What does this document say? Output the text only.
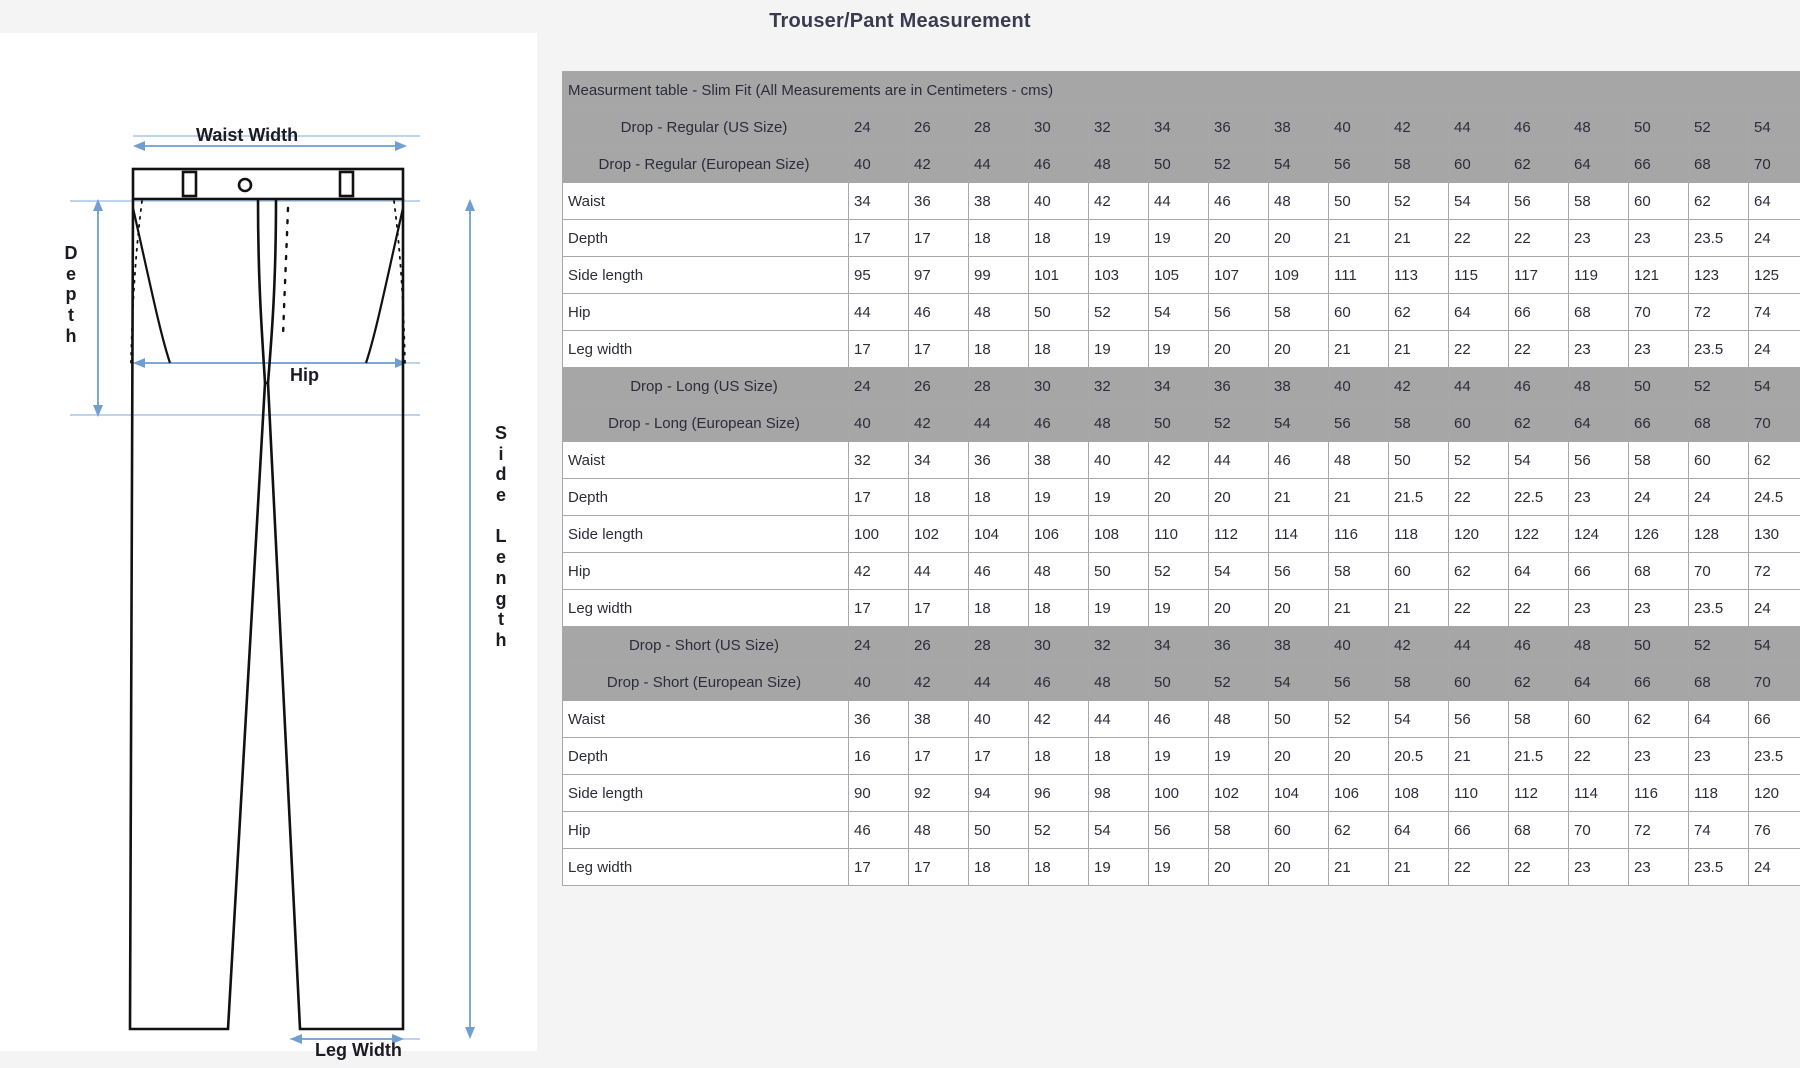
Trouser/Pant Measurement
Waist Width
D
e
p
t
h
Hip
S
i
d
e

L
e
n
g
t
h
Measurment table - Slim Fit (All Measurements are in Centimeters - cms)																
Drop - Regular (US Size)	24	26	28	30	32	34	36	38	40	42	44	46	48	50	52	54
Drop - Regular (European Size)	40	42	44	46	48	50	52	54	56	58	60	62	64	66	68	70
Waist	34	36	38	40	42	44	46	48	50	52	54	56	58	60	62	64
Depth	17	17	18	18	19	19	20	20	21	21	22	22	23	23	23.5	24
Side length	95	97	99	101	103	105	107	109	111	113	115	117	119	121	123	125
Hip	44	46	48	50	52	54	56	58	60	62	64	66	68	70	72	74
Leg width	17	17	18	18	19	19	20	20	21	21	22	22	23	23	23.5	24
Drop - Long (US Size)	24	26	28	30	32	34	36	38	40	42	44	46	48	50	52	54
Drop - Long (European Size)	40	42	44	46	48	50	52	54	56	58	60	62	64	66	68	70
Waist	32	34	36	38	40	42	44	46	48	50	52	54	56	58	60	62
Depth	17	18	18	19	19	20	20	21	21	21.5	22	22.5	23	24	24	24.5
Side length	100	102	104	106	108	110	112	114	116	118	120	122	124	126	128	130
Hip	42	44	46	48	50	52	54	56	58	60	62	64	66	68	70	72
Leg width	17	17	18	18	19	19	20	20	21	21	22	22	23	23	23.5	24
Drop - Short (US Size)	24	26	28	30	32	34	36	38	40	42	44	46	48	50	52	54
Drop - Short (European Size)	40	42	44	46	48	50	52	54	56	58	60	62	64	66	68	70
Waist	36	38	40	42	44	46	48	50	52	54	56	58	60	62	64	66
Depth	16	17	17	18	18	19	19	20	20	20.5	21	21.5	22	23	23	23.5
Side length	90	92	94	96	98	100	102	104	106	108	110	112	114	116	118	120
Hip	46	48	50	52	54	56	58	60	62	64	66	68	70	72	74	76
Leg width	17	17	18	18	19	19	20	20	21	21	22	22	23	23	23.5	24
Leg Width
